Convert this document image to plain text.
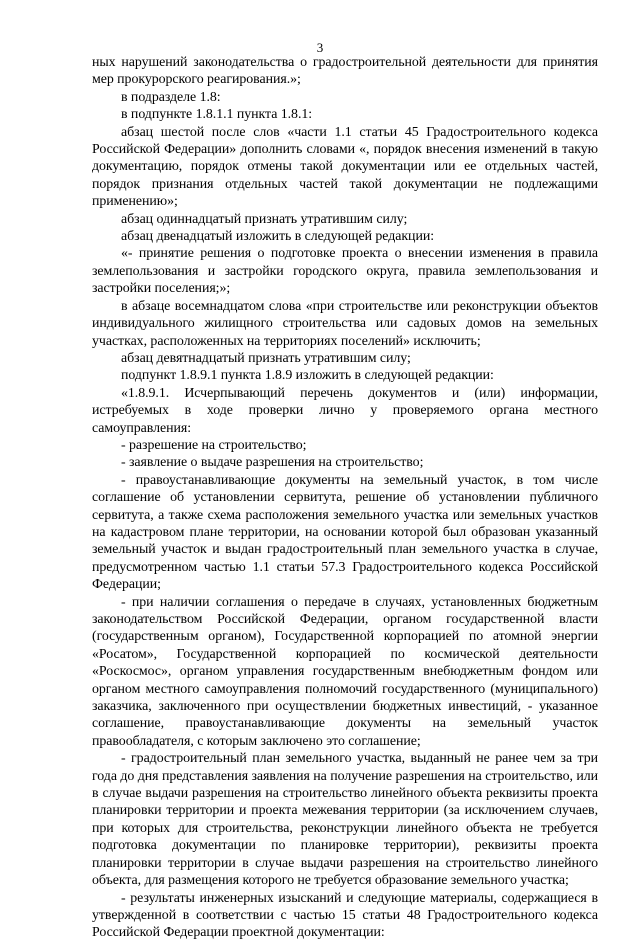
3

ных нарушений законодательства о градостроительной деятельности для принятия мер прокурорского реагирования.»;

в подразделе 1.8:

в подпункте 1.8.1.1 пункта 1.8.1:

абзац шестой после слов «части 1.1 статьи 45 Градостроительного кодекса Российской Федерации» дополнить словами «, порядок внесения изменений в такую документацию, порядок отмены такой документации или ее отдельных частей, порядок признания отдельных частей такой документации не подлежащими применению»;

абзац одиннадцатый признать утратившим силу;

абзац двенадцатый изложить в следующей редакции:

«- принятие решения о подготовке проекта о внесении изменения в правила землепользования и застройки городского округа, правила землепользования и застройки поселения;»;

в абзаце восемнадцатом слова «при строительстве или реконструкции объектов индивидуального жилищного строительства или садовых домов на земельных участках, расположенных на территориях поселений» исключить;

абзац девятнадцатый признать утратившим силу;

подпункт 1.8.9.1 пункта 1.8.9 изложить в следующей редакции:

«1.8.9.1. Исчерпывающий перечень документов и (или) информации, истребуемых в ходе проверки лично у проверяемого органа местного самоуправления:

- разрешение на строительство;

- заявление о выдаче разрешения на строительство;

- правоустанавливающие документы на земельный участок, в том числе соглашение об установлении сервитута, решение об установлении публичного сервитута, а также схема расположения земельного участка или земельных участков на кадастровом плане территории, на основании которой был образован указанный земельный участок и выдан градостроительный план земельного участка в случае, предусмотренном частью 1.1 статьи 57.3 Градостроительного кодекса Российской Федерации;

- при наличии соглашения о передаче в случаях, установленных бюджетным законодательством Российской Федерации, органом государственной власти (государственным органом), Государственной корпорацией по атомной энергии «Росатом», Государственной корпорацией по космической деятельности «Роскосмос», органом управления государственным внебюджетным фондом или органом местного самоуправления полномочий государственного (муниципального) заказчика, заключенного при осуществлении бюджетных инвестиций, - указанное соглашение, правоустанавливающие документы на земельный участок правообладателя, с которым заключено это соглашение;

- градостроительный план земельного участка, выданный не ранее чем за три года до дня представления заявления на получение разрешения на строительство, или в случае выдачи разрешения на строительство линейного объекта реквизиты проекта планировки территории и проекта межевания территории (за исключением случаев, при которых для строительства, реконструкции линейного объекта не требуется подготовка документации по планировке территории), реквизиты проекта планировки территории в случае выдачи разрешения на строительство линейного объекта, для размещения которого не требуется образование земельного участка;

- результаты инженерных изысканий и следующие материалы, содержащиеся в утвержденной в соответствии с частью 15 статьи 48 Градостроительного кодекса Российской Федерации проектной документации:
